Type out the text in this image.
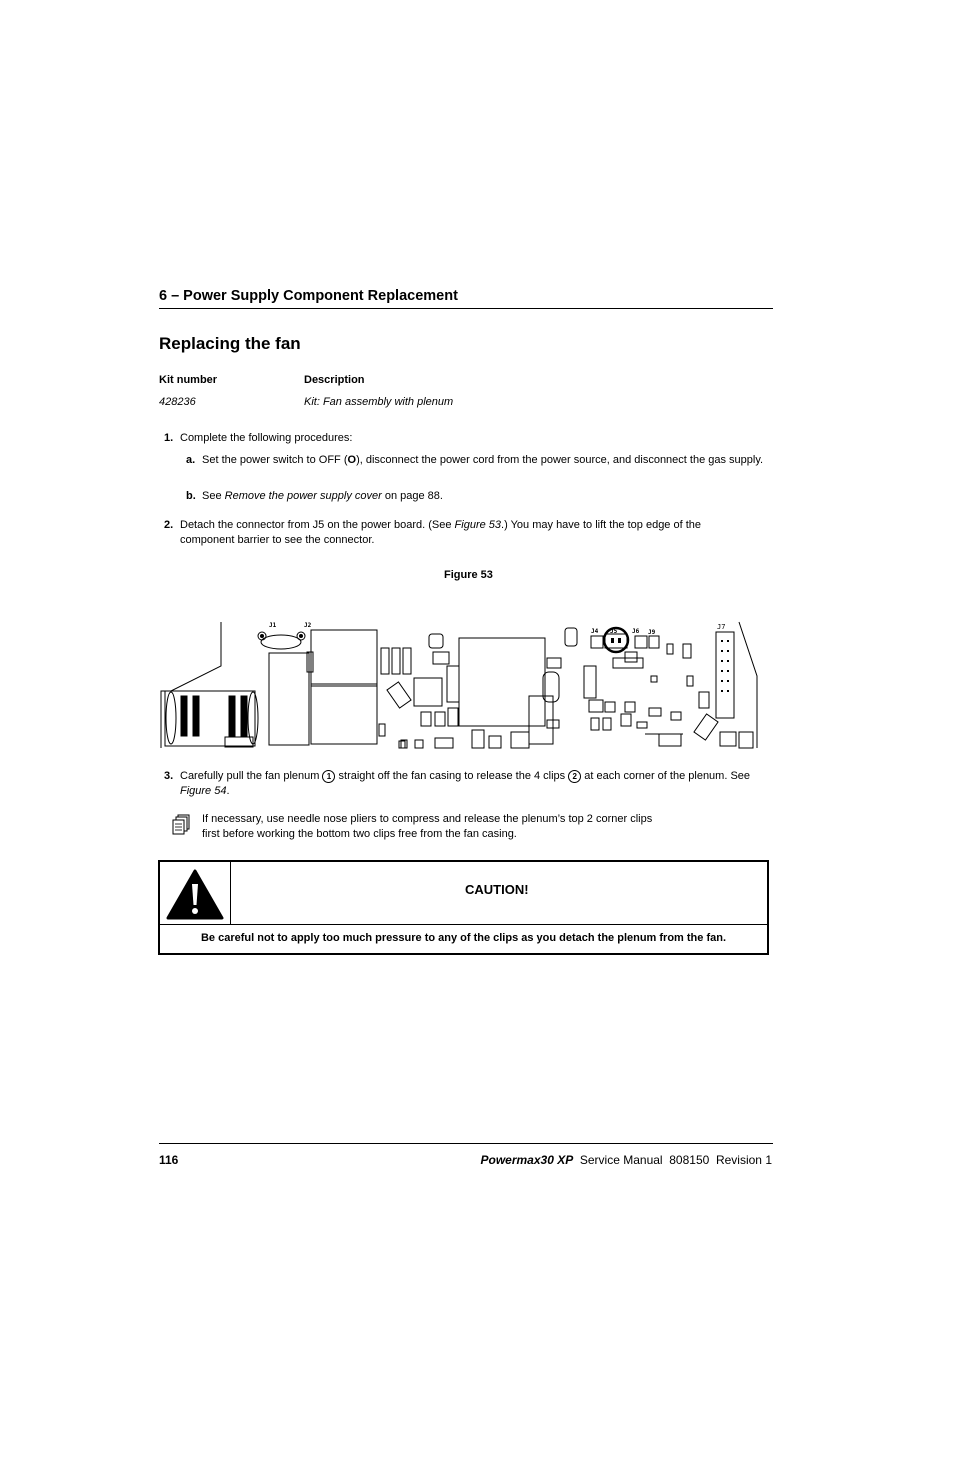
6 – Power Supply Component Replacement
Replacing the fan
Kit number	Description
428236	Kit: Fan assembly with plenum
1. Complete the following procedures:
a. Set the power switch to OFF (O), disconnect the power cord from the power source, and disconnect the gas supply.
b. See Remove the power supply cover on page 88.
2. Detach the connector from J5 on the power board. (See Figure 53.) You may have to lift the top edge of the component barrier to see the connector.
Figure 53
J1	J2
J4 J5 J6 J9
J7
3. Carefully pull the fan plenum 1 straight off the fan casing to release the 4 clips 2 at each corner of the plenum. See Figure 54.
If necessary, use needle nose pliers to compress and release the plenum’s top 2 corner clips first before working the bottom two clips free from the fan casing.
CAUTION!
Be careful not to apply too much pressure to any of the clips as you detach the plenum from the fan.
116	Powermax30 XP Service Manual  808150  Revision 1
